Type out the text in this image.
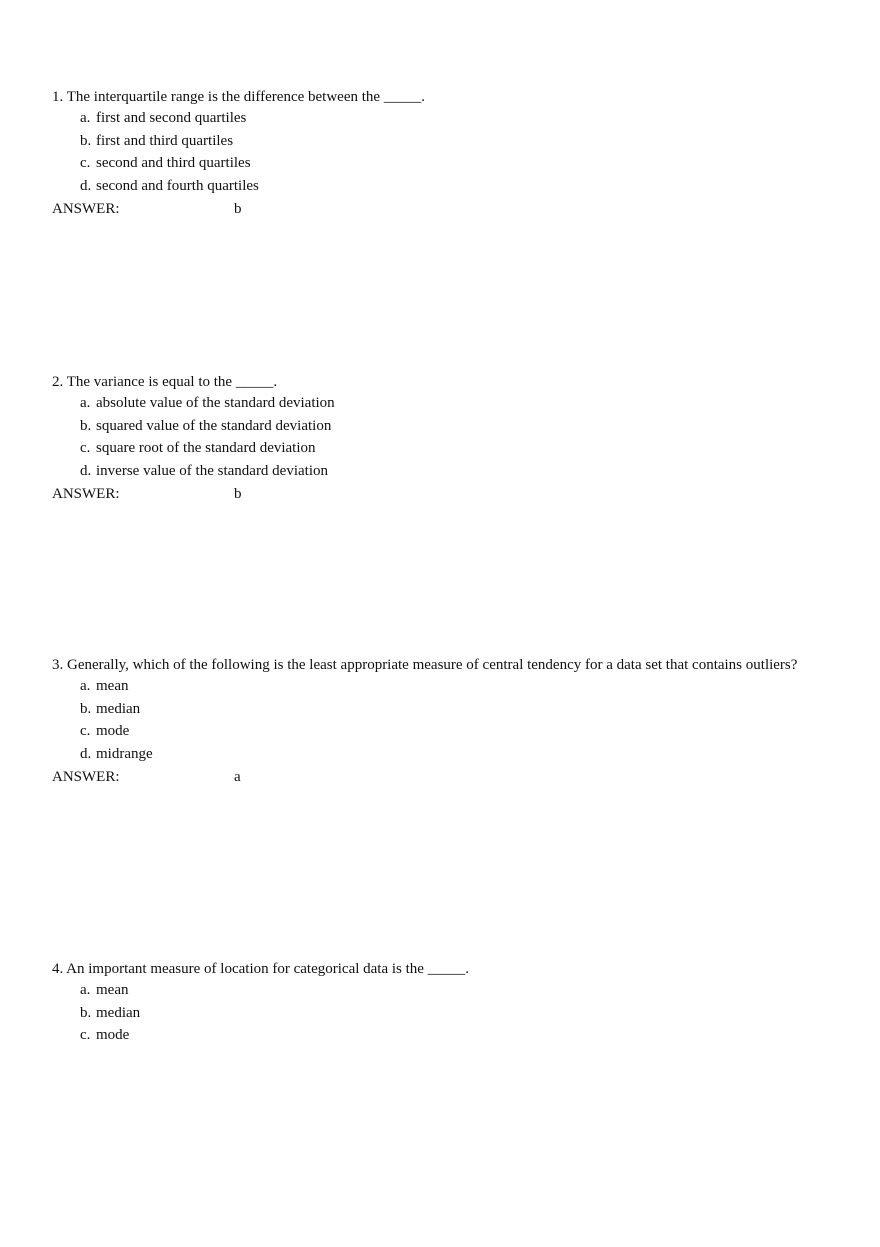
1. The interquartile range is the difference between the _____.
a. first and second quartiles
b. first and third quartiles
c. second and third quartiles
d. second and fourth quartiles
ANSWER:	b
2. The variance is equal to the _____.
a. absolute value of the standard deviation
b. squared value of the standard deviation
c. square root of the standard deviation
d. inverse value of the standard deviation
ANSWER:	b
3. Generally, which of the following is the least appropriate measure of central tendency for a data set that contains outliers?
a. mean
b. median
c. mode
d. midrange
ANSWER:	a
4. An important measure of location for categorical data is the _____.
a. mean
b. median
c. mode
